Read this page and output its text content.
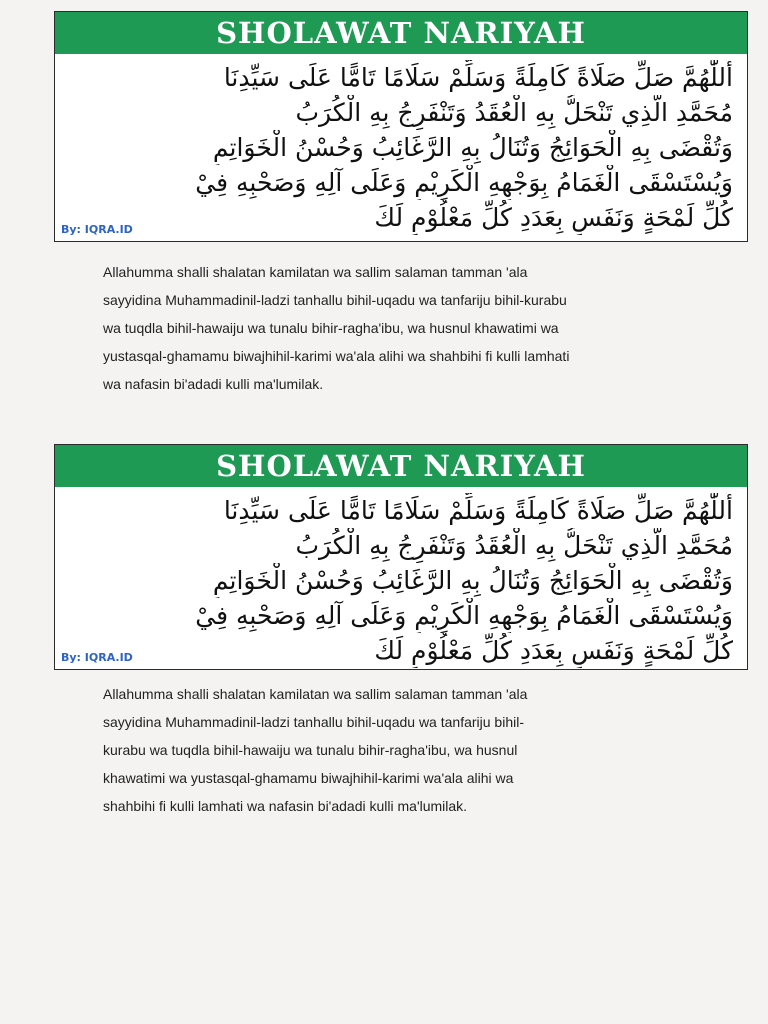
SHOLAWAT NARIYAH
أَللّٰهُمَّ صَلِّ صَلَاةً كَامِلَةً وَسَلِّمْ سَلَامًا تَامًّا عَلَى سَيِّدِنَا
مُحَمَّدِ الَّذِي تَنْحَلُّ بِهِ الْعُقَدُ وَتَنْفَرِجُ بِهِ الْكُرَبُ
وَتُقْضَى بِهِ الْحَوَائِجُ وَتُنَالُ بِهِ الرَّغَائِبُ وَحُسْنُ الْخَوَاتِمِ
وَيُسْتَسْقَى الْغَمَامُ بِوَجْهِهِ الْكَرِيْمِ وَعَلَى آلِهِ وَصَحْبِهِ فِيْ
كُلِّ لَمْحَةٍ وَنَفَسٍ بِعَدَدِ كُلِّ مَعْلُوْمٍ لَكَ
By: IQRA.ID
Allahumma shalli shalatan kamilatan wa sallim salaman tamman 'ala
sayyidina Muhammadinil-ladzi tanhallu bihil-uqadu wa tanfariju bihil-kurabu
wa tuqdla bihil-hawaiju wa tunalu bihir-ragha'ibu, wa husnul khawatimi wa
yustasqal-ghamamu biwajhihil-karimi wa'ala alihi wa shahbihi fi kulli lamhati
wa nafasin bi'adadi kulli ma'lumilak.
SHOLAWAT NARIYAH
أَللّٰهُمَّ صَلِّ صَلَاةً كَامِلَةً وَسَلِّمْ سَلَامًا تَامًّا عَلَى سَيِّدِنَا
مُحَمَّدِ الَّذِي تَنْحَلُّ بِهِ الْعُقَدُ وَتَنْفَرِجُ بِهِ الْكُرَبُ
وَتُقْضَى بِهِ الْحَوَائِجُ وَتُنَالُ بِهِ الرَّغَائِبُ وَحُسْنُ الْخَوَاتِمِ
وَيُسْتَسْقَى الْغَمَامُ بِوَجْهِهِ الْكَرِيْمِ وَعَلَى آلِهِ وَصَحْبِهِ فِيْ
كُلِّ لَمْحَةٍ وَنَفَسٍ بِعَدَدِ كُلِّ مَعْلُوْمٍ لَكَ
By: IQRA.ID
Allahumma shalli shalatan kamilatan wa sallim salaman tamman 'ala
sayyidina Muhammadinil-ladzi tanhallu bihil-uqadu wa tanfariju bihil-
kurabu wa tuqdla bihil-hawaiju wa tunalu bihir-ragha'ibu, wa husnul
khawatimi wa yustasqal-ghamamu biwajhihil-karimi wa'ala alihi wa
shahbihi fi kulli lamhati wa nafasin bi'adadi kulli ma'lumilak.
